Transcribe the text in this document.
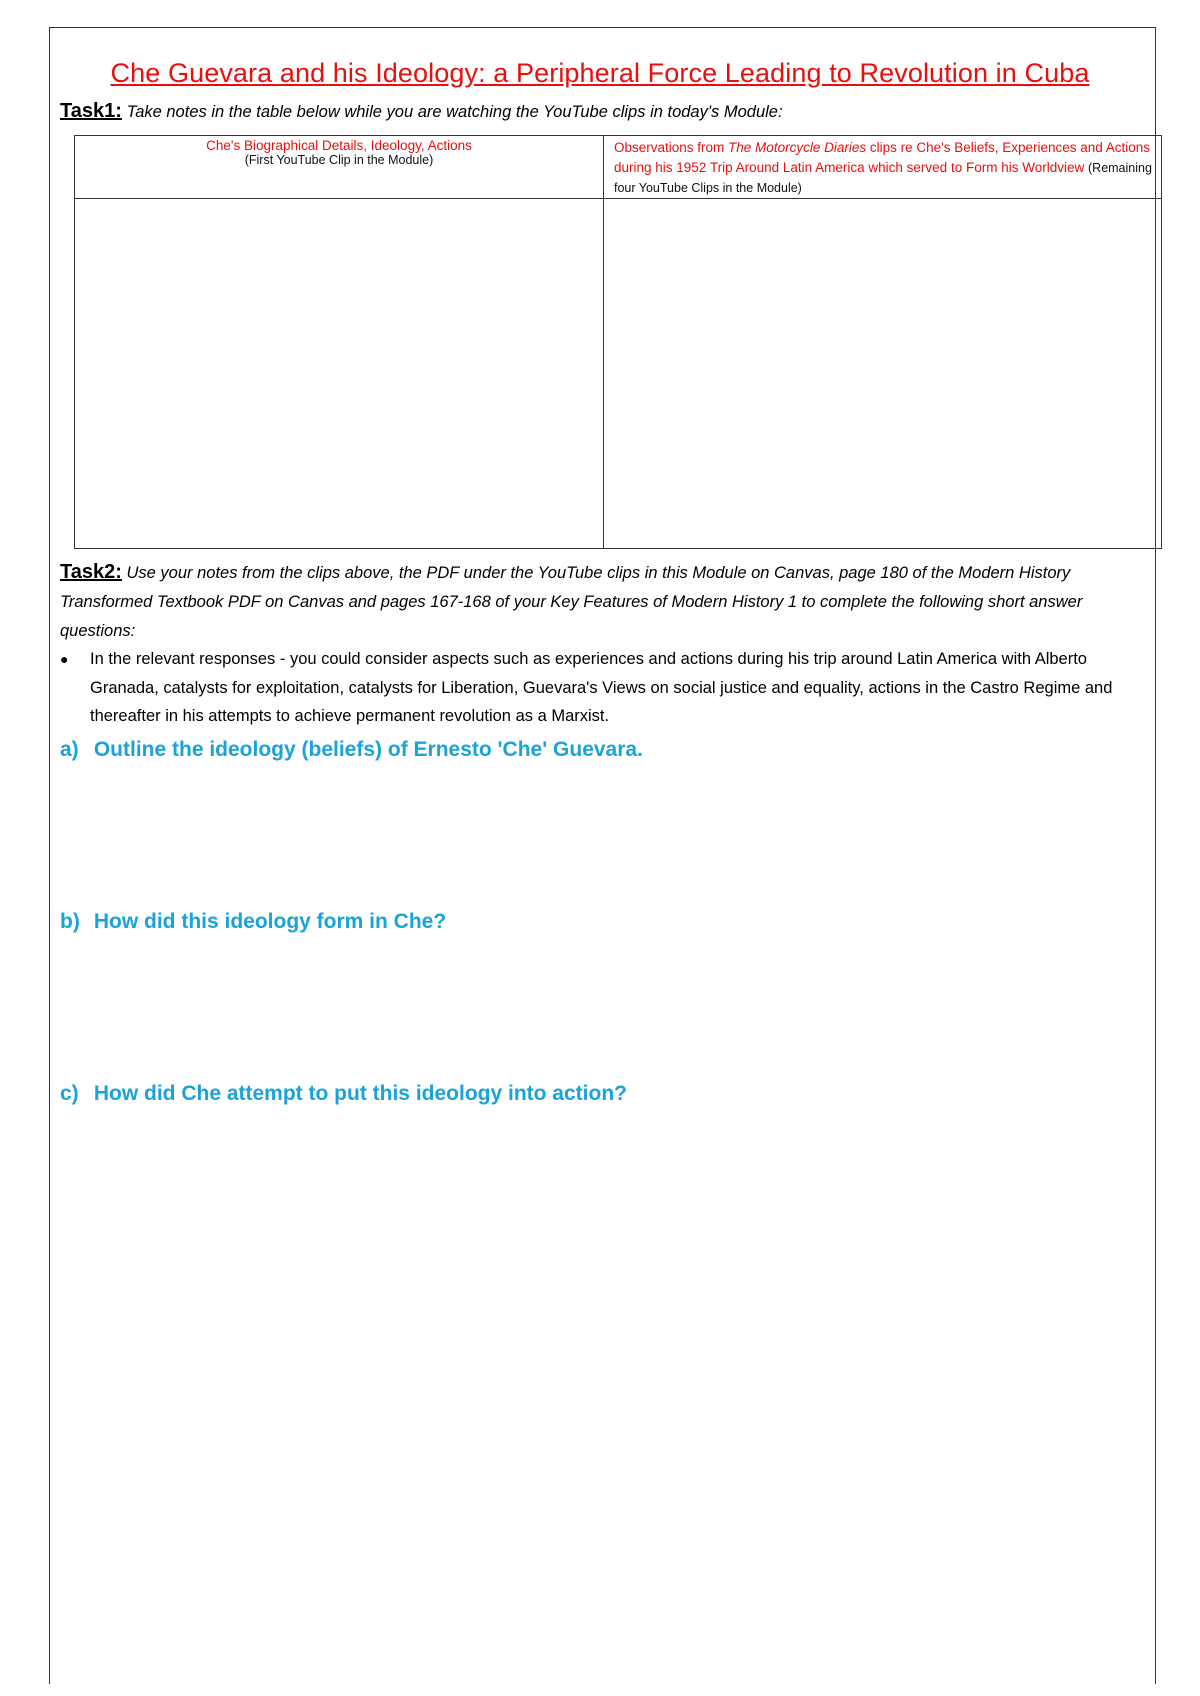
Che Guevara and his Ideology: a Peripheral Force Leading to Revolution in Cuba
Task1: Take notes in the table below while you are watching the YouTube clips in today's Module:
Che's Biographical Details, Ideology, Actions
(First YouTube Clip in the Module)	Observations from The Motorcycle Diaries clips re Che's Beliefs, Experiences and Actions during his 1952 Trip Around Latin America which served to Form his Worldview (Remaining four YouTube Clips in the Module)

Task2: Use your notes from the clips above, the PDF under the YouTube clips in this Module on Canvas, page 180 of the Modern History Transformed Textbook PDF on Canvas and pages 167-168 of your Key Features of Modern History 1 to complete the following short answer questions:
● In the relevant responses - you could consider aspects such as experiences and actions during his trip around Latin America with Alberto Granada, catalysts for exploitation, catalysts for Liberation, Guevara's Views on social justice and equality, actions in the Castro Regime and thereafter in his attempts to achieve permanent revolution as a Marxist.
a) Outline the ideology (beliefs) of Ernesto 'Che' Guevara.
b) How did this ideology form in Che?
c) How did Che attempt to put this ideology into action?
